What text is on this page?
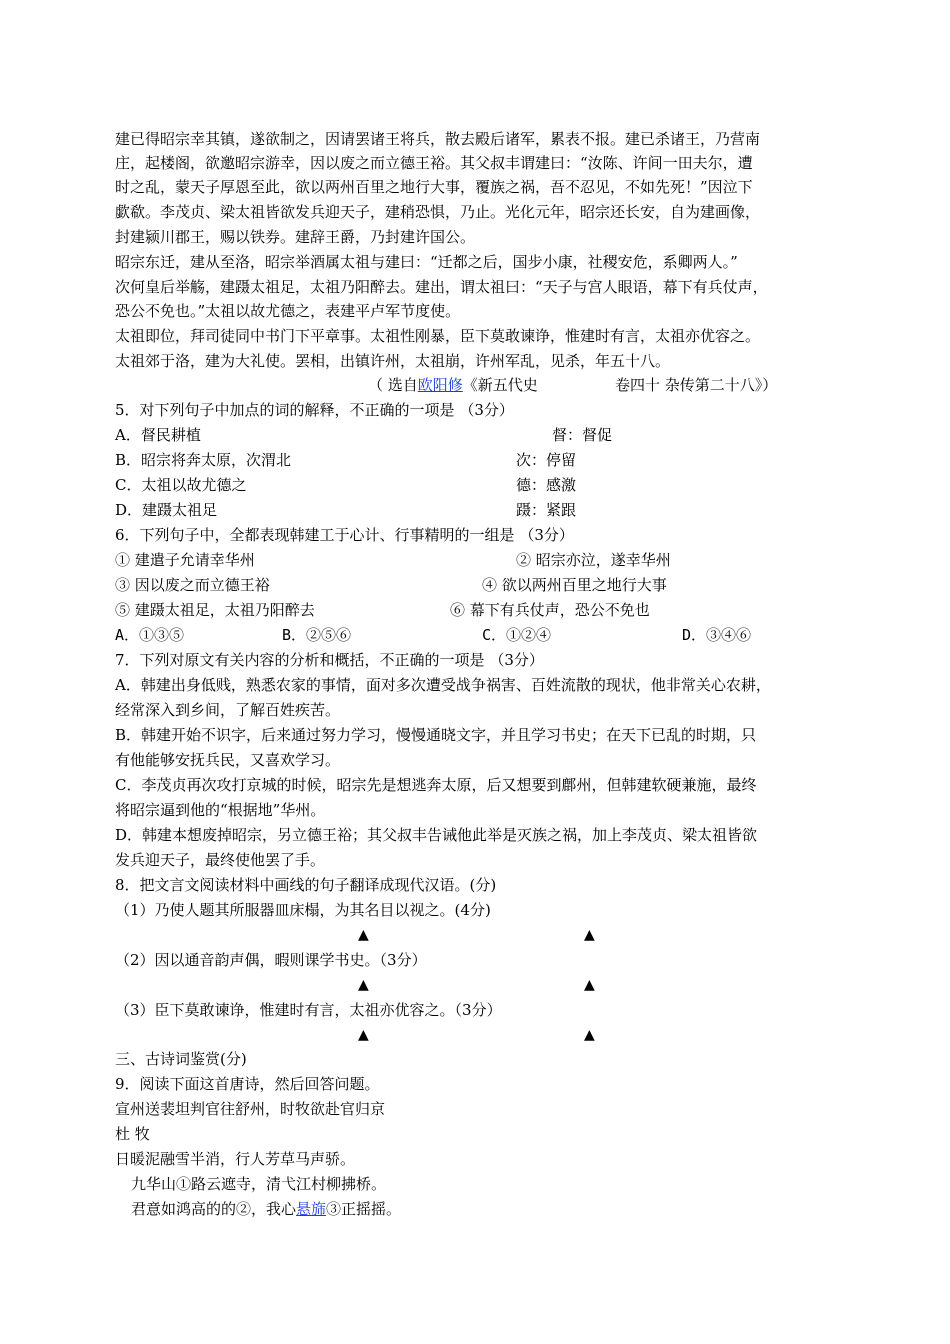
建已得昭宗幸其镇，遂欲制之，因请罢诸王将兵，散去殿后诸军，累表不报。建已杀诸王，乃营南
庄，起楼阁，欲邀昭宗游幸，因以废之而立德王裕。其父叔丰谓建曰：“汝陈、许间一田夫尔，遭
时之乱，蒙天子厚恩至此，欲以两州百里之地行大事，覆族之祸，吾不忍见，不如先死！”因泣下
歔欷。李茂贞、梁太祖皆欲发兵迎天子，建稍恐惧，乃止。光化元年，昭宗还长安，自为建画像，
封建颍川郡王，赐以铁券。建辞王爵，乃封建许国公。
昭宗东迁，建从至洛，昭宗举酒属太祖与建曰：“迁都之后，国步小康，社稷安危，系卿两人。”
次何皇后举觞，建蹑太祖足，太祖乃阳醉去。建出，谓太祖曰：“天子与宫人眼语，幕下有兵仗声，
恐公不免也。”太祖以故尤德之，表建平卢军节度使。
太祖即位，拜司徒同中书门下平章事。太祖性刚暴，臣下莫敢谏诤，惟建时有言，太祖亦优容之。
太祖郊于洛，建为大礼使。罢相，出镇许州，太祖崩，许州军乱，见杀，年五十八。
（ 选自欧阳修《新五代史	卷四十 杂传第二十八》）
5．对下列句子中加点的词的解释，不正确的一项是 （3分）
A．督民耕植	督：督促
B．昭宗将奔太原，次渭北	次：停留
C．太祖以故尤德之	德：感激
D．建蹑太祖足	蹑：紧跟
6．下列句子中，全都表现韩建工于心计、行事精明的一组是 （3分）
① 建遣子允请幸华州	② 昭宗亦泣，遂幸华州
③ 因以废之而立德王裕	④ 欲以两州百里之地行大事
⑤ 建蹑太祖足，太祖乃阳醉去	⑥ 幕下有兵仗声，恐公不免也
A．①③⑤	B．②⑤⑥	C．①②④	D．③④⑥
7．下列对原文有关内容的分析和概括，不正确的一项是 （3分）
A．韩建出身低贱，熟悉农家的事情，面对多次遭受战争祸害、百姓流散的现状，他非常关心农耕，
经常深入到乡间，了解百姓疾苦。
B．韩建开始不识字，后来通过努力学习，慢慢通晓文字，并且学习书史；在天下已乱的时期，只
有他能够安抚兵民，又喜欢学习。
C．李茂贞再次攻打京城的时候，昭宗先是想逃奔太原，后又想要到鄜州，但韩建软硬兼施，最终
将昭宗逼到他的“根据地”华州。
D．韩建本想废掉昭宗，另立德王裕；其父叔丰告诫他此举是灭族之祸，加上李茂贞、梁太祖皆欲
发兵迎天子，最终使他罢了手。
8．把文言文阅读材料中画线的句子翻译成现代汉语。(分)
（1）乃使人题其所服器皿床榻，为其名目以视之。(4分)
▲	▲
（2）因以通音韵声偶，暇则课学书史。（3分）
▲	▲
（3）臣下莫敢谏诤，惟建时有言，太祖亦优容之。（3分）
▲	▲
三、古诗词鉴赏(分)
9．阅读下面这首唐诗，然后回答问题。
宣州送裴坦判官往舒州，时牧欲赴官归京
杜 牧
日暖泥融雪半消，行人芳草马声骄。
九华山①路云遮寺，清弋江村柳拂桥。
君意如鸿高的的②，我心悬旆③正摇摇。
